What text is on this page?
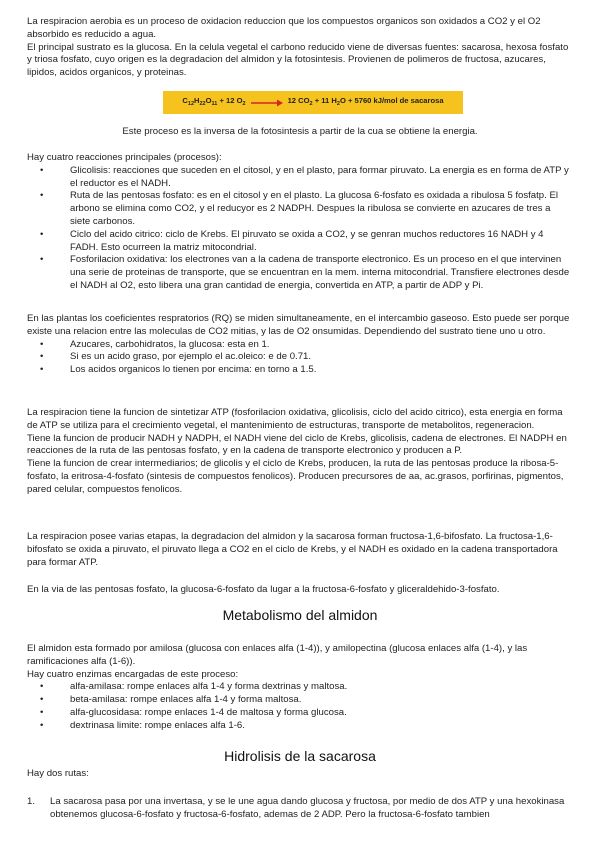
La respiracion aerobia es un proceso de oxidacion reduccion que los compuestos organicos son oxidados a CO2 y el O2 absorbido es reducido a agua.

El principal sustrato es la glucosa. En la celula vegetal el carbono reducido viene de diversas fuentes: sacarosa, hexosa fosfato y triosa fosfato, cuyo origen es la degradacion del almidon y la fotosintesis. Provienen de polimeros de fructosa, azucares, lipidos, acidos organicos, y proteinas.

$C_{12}H_{22}O_{11} + 12$ $O_2$	12 $CO_2 + 11$ $H_2O + 5760$ kJ/mol de sacarosa
Este proceso es la inversa de la fotosintesis a partir de la cua se obtiene la energia.

Hay cuatro reacciones principales (procesos):

• Glicolisis: reacciones que suceden en el citosol, y en el plasto, para formar piruvato. La energia es en forma de ATP y el reductor es el NADH.
• Ruta de las pentosas fosfato: es en el citosol y en el plasto. La glucosa 6-fosfato es oxidada a ribulosa 5 fosfatp. El arbono se elimina como CO2, y el reducyor es 2 NADPH. Despues la ribulosa se convierte en azucares de tres a siete carbonos.
• Ciclo del acido citrico: ciclo de Krebs. El piruvato se oxida a CO2, y se genran muchos reductores 16 NADH y 4 FADH. Esto ocurreen la matriz mitocondrial.
• Fosforilacion oxidativa: los electrones van a la cadena de transporte electronico. Es un proceso en el que intervinen una serie de proteinas de transporte, que se encuentran en la mem. interna mitocondrial. Transfiere electrones desde el NADH al O2, esto libera una gran cantidad de energia, convertida en ATP, a partir de ADP y Pi.

En las plantas los coeficientes respratorios (RQ) se miden simultaneamente, en el intercambio gaseoso. Esto puede ser porque existe una relacion entre las moleculas de CO2 mitias, y las de O2 onsumidas. Dependiendo del sustrato tiene uno u otro.

• Azucares, carbohidratos, la glucosa: esta en 1.
• Si es un acido graso, por ejemplo el ac.oleico: e de 0.71.
• Los acidos organicos lo tienen por encima: en torno a 1.5.

La respiracion tiene la funcion de sintetizar ATP (fosforilacion oxidativa, glicolisis, ciclo del acido citrico), esta energia en forma de ATP se utiliza para el crecimiento vegetal, el mantenimiento de estructuras, transporte de metabolitos, regeneracion.

Tiene la funcion de producir NADH y NADPH, el NADH viene del ciclo de Krebs, glicolisis, cadena de electrones. El NADPH en reacciones de la ruta de las pentosas fosfato, y en la cadena de transporte electronico y producen a P.

Tiene la funcion de crear intermediarios; de glicolis y el ciclo de Krebs, producen, la ruta de las pentosas produce la ribosa-5-fosfato, la eritrosa-4-fosfato (sintesis de compuestos fenolicos). Producen precursores de aa, ac.grasos, porfirinas, pigmentos, pared celular, compuestos fenolicos.

La respiracion posee varias etapas, la degradacion del almidon y la sacarosa forman fructosa-1,6-bifosfato. La fructosa-1,6-bifosfato se oxida a piruvato, el piruvato llega a CO2 en el ciclo de Krebs, y el NADH es oxidado en la cadena transportadora para formar ATP.
En la via de las pentosas fosfato, la glucosa-6-fosfato da lugar a la fructosa-6-fosfato y gliceraldehido-3-fosfato.
Metabolismo del almidon

El almidon esta formado por amilosa (glucosa con enlaces alfa (1-4)), y amilopectina (glucosa enlaces alfa (1-4), y las ramificaciones alfa (1-6)).

Hay cuatro enzimas encargadas de este proceso:

• alfa-amilasa: rompe enlaces alfa 1-4 y forma dextrinas y maltosa.
• beta-amilasa: rompe enlaces alfa 1-4 y forma maltosa.
• alfa-glucosidasa: rompe enlaces 1-4 de maltosa y forma glucosa.
• dextrinasa limite: rompe enlaces alfa 1-6.
Hidrolisis de la sacarosa
Hay dos rutas:
1. La sacarosa pasa por una invertasa, y se le une agua dando glucosa y fructosa, por medio de dos ATP y una hexokinasa obtenemos glucosa-6-fosfato y fructosa-6-fosfato, ademas de 2 ADP. Pero la fructosa-6-fosfato tambien
